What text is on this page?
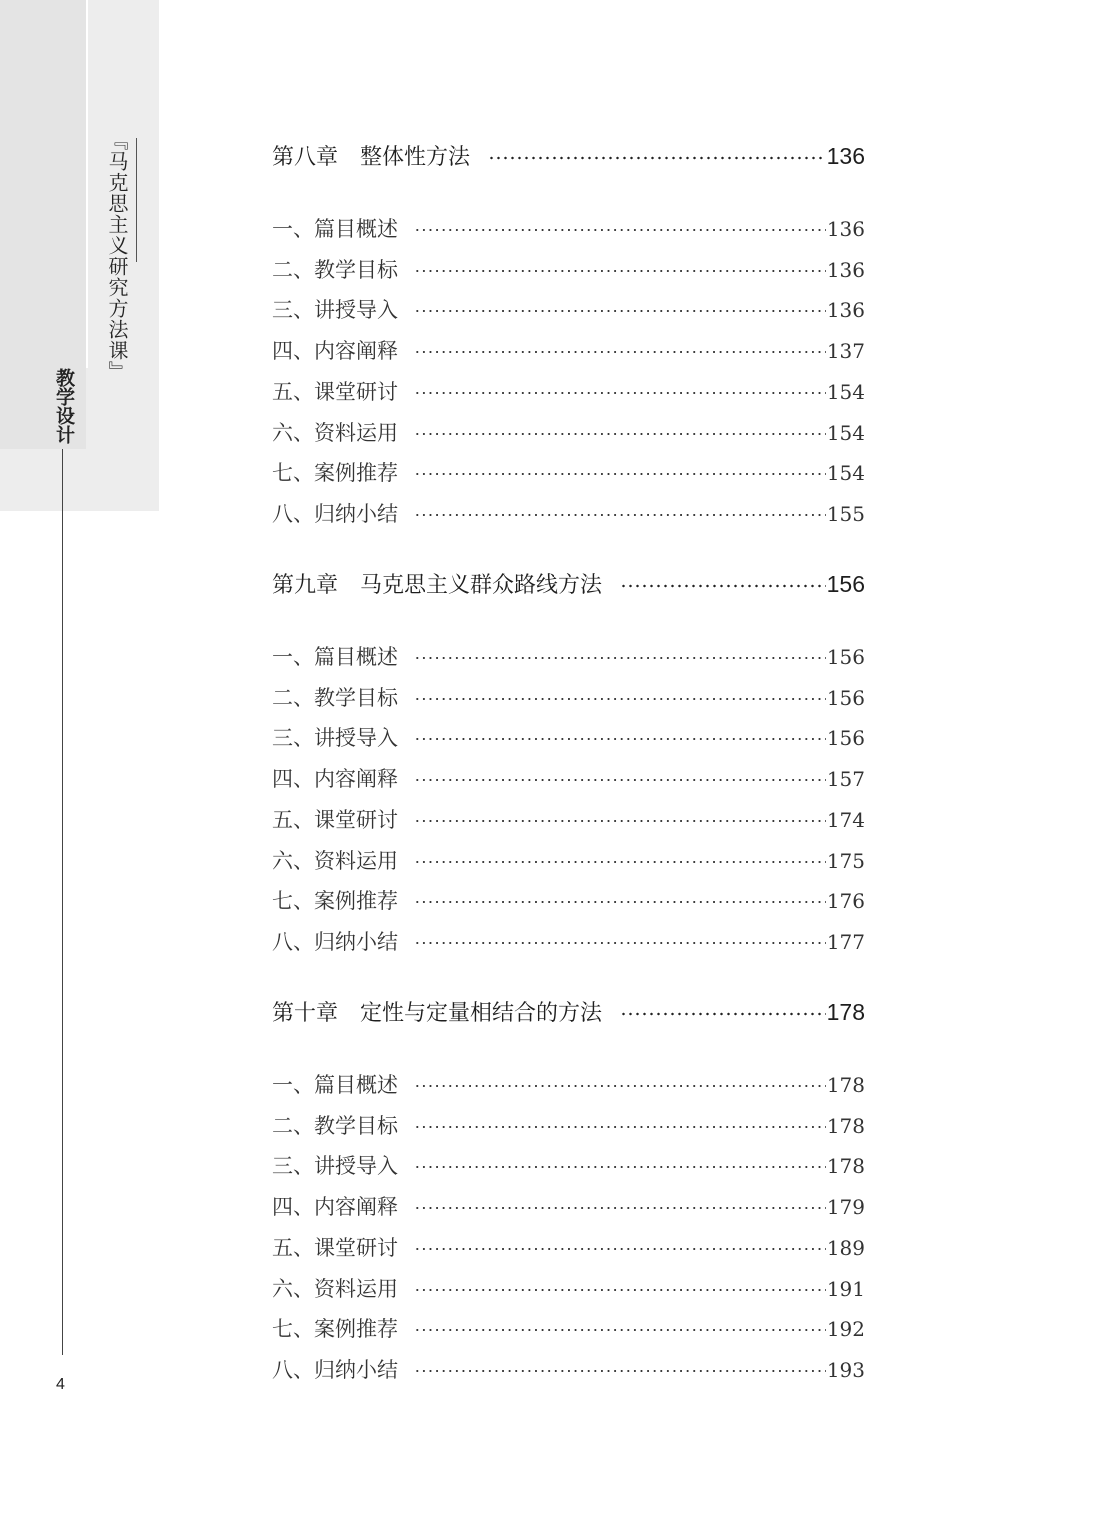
『马克思主义研究方法课』
教学设计
4
第八章 整体性方法	136
一、篇目概述	136
二、教学目标	136
三、讲授导入	136
四、内容阐释	137
五、课堂研讨	154
六、资料运用	154
七、案例推荐	154
八、归纳小结	155
第九章 马克思主义群众路线方法	156
一、篇目概述	156
二、教学目标	156
三、讲授导入	156
四、内容阐释	157
五、课堂研讨	174
六、资料运用	175
七、案例推荐	176
八、归纳小结	177
第十章 定性与定量相结合的方法	178
一、篇目概述	178
二、教学目标	178
三、讲授导入	178
四、内容阐释	179
五、课堂研讨	189
六、资料运用	191
七、案例推荐	192
八、归纳小结	193
